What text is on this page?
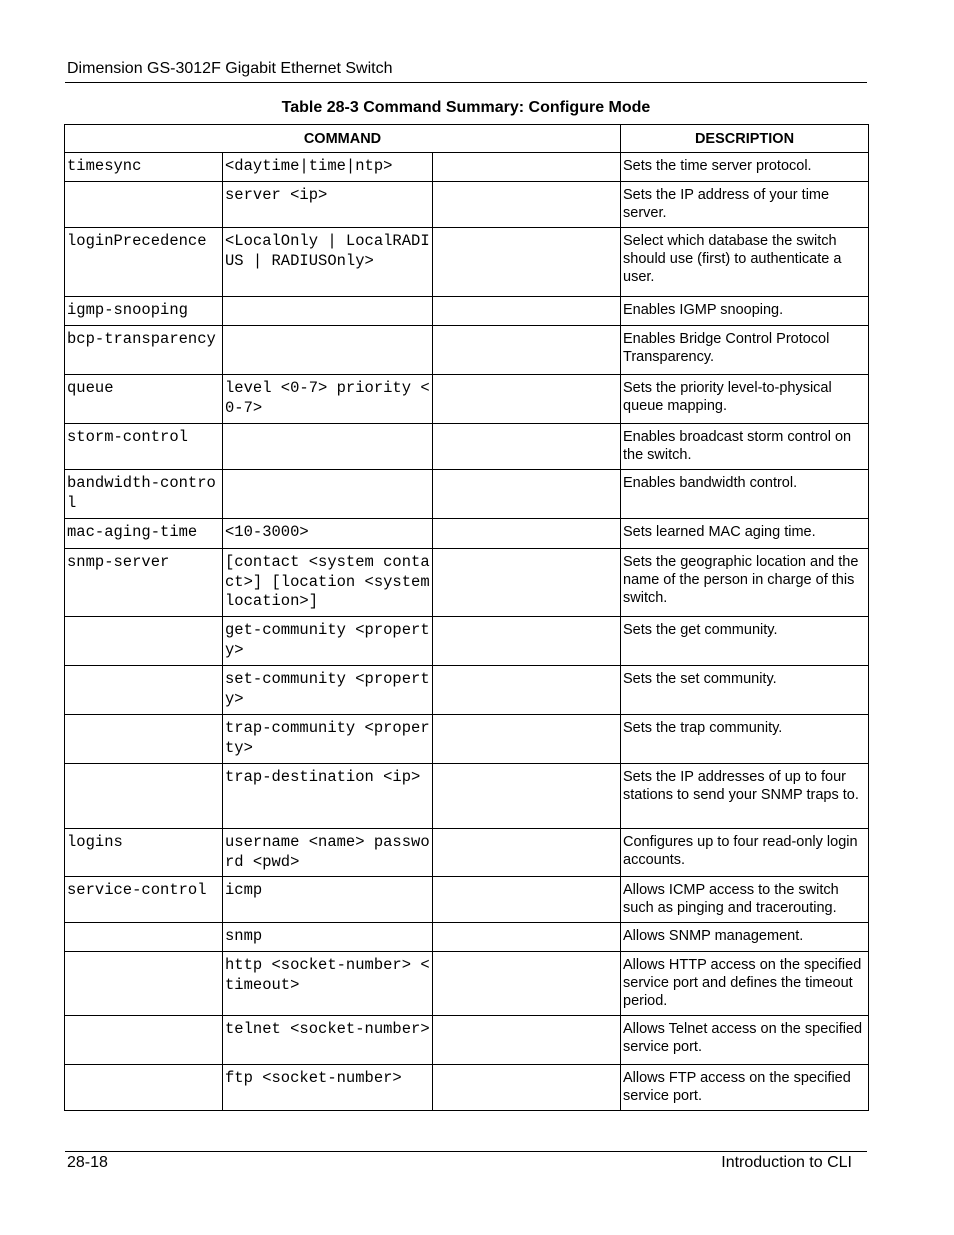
Dimension GS-3012F Gigabit Ethernet Switch
Table 28-3 Command Summary: Configure Mode
COMMAND			DESCRIPTION

timesync	<daytime|time|ntp>		Sets the time server protocol.

	server <ip>		Sets the IP address of your time server.

loginPrecedence	<LocalOnly | LocalRADIUS | RADIUSOnly>		Select which database the switch should use (first) to authenticate a user.

igmp-snooping			Enables IGMP snooping.

bcp-transparency			Enables Bridge Control Protocol Transparency.

queue	level <0-7> priority <0-7>		Sets the priority level-to-physical queue mapping.

storm-control			Enables broadcast storm control on the switch.

bandwidth-control			Enables bandwidth control.

mac-aging-time	<10-3000>		Sets learned MAC aging time.

snmp-server	[contact <system contact>] [location <system location>]		Sets the geographic location and the name of the person in charge of this switch.

	get-community <property>		Sets the get community.

	set-community <property>		Sets the set community.

	trap-community <property>		Sets the trap community.

	trap-destination <ip>		Sets the IP addresses of up to four stations to send your SNMP traps to.

logins	username <name> password <pwd>		Configures up to four read-only login accounts.

service-control	icmp		Allows ICMP access to the switch such as pinging and tracerouting.

	snmp		Allows SNMP management.

	http <socket-number> <timeout>		Allows HTTP access on the specified service port and defines the timeout period.

	telnet <socket-number>		Allows Telnet access on the specified service port.

	ftp <socket-number>		Allows FTP access on the specified service port.
28-18	Introduction to CLI
